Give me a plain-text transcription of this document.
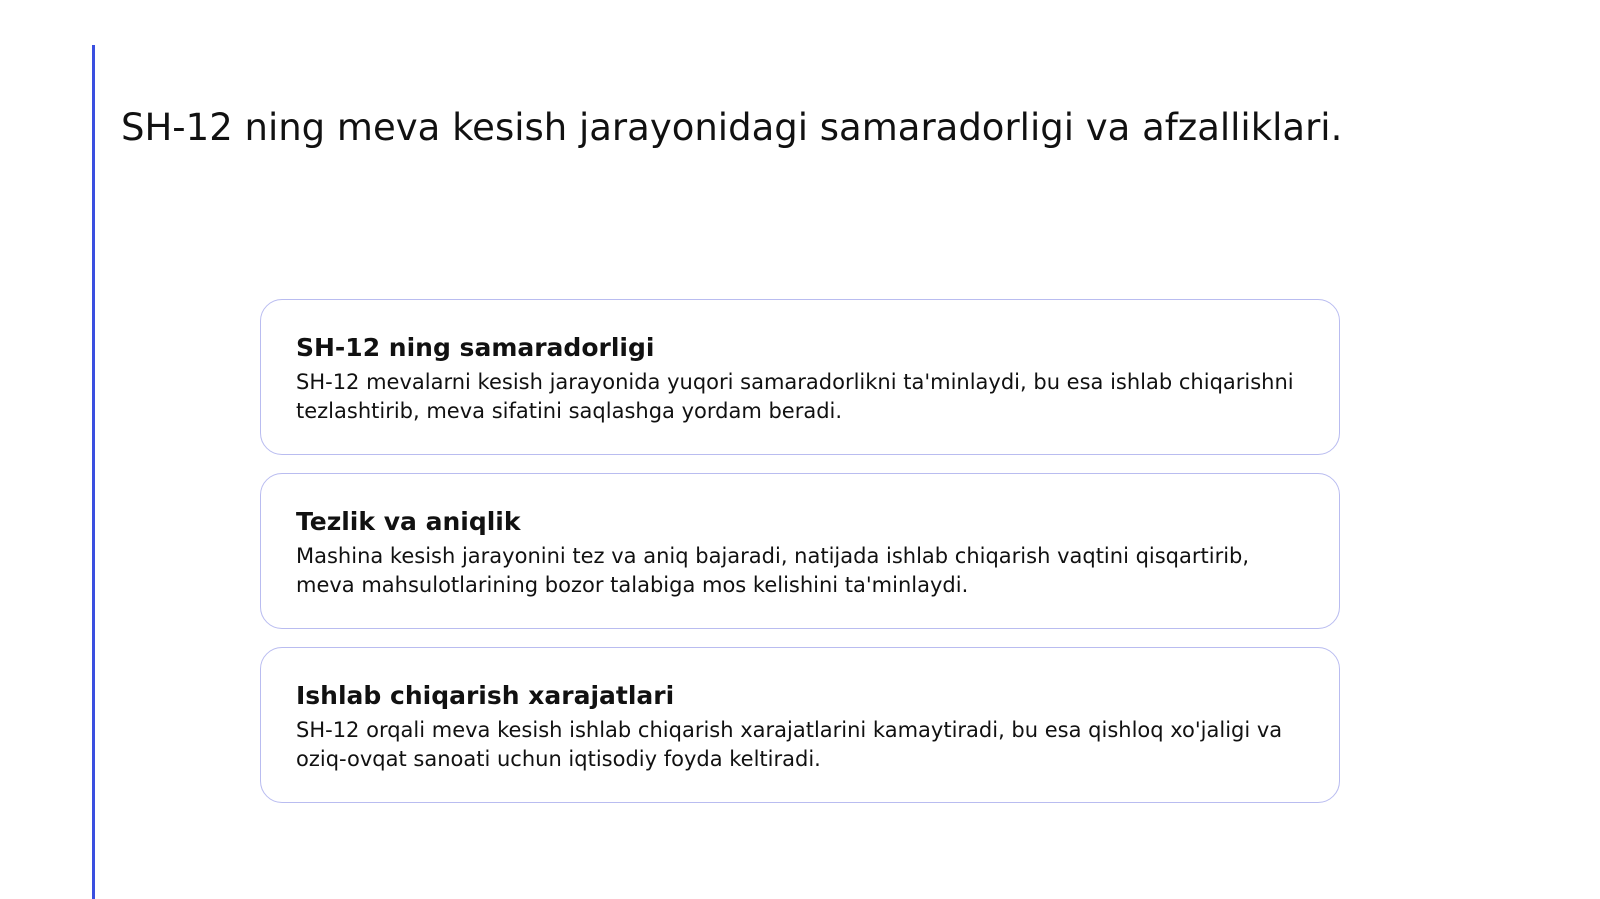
SH-12 ning meva kesish jarayonidagi samaradorligi va afzalliklari.
SH-12 ning samaradorligi

SH-12 mevalarni kesish jarayonida yuqori samaradorlikni ta'minlaydi, bu esa ishlab chiqarishni tezlashtirib, meva sifatini saqlashga yordam beradi.

Tezlik va aniqlik

Mashina kesish jarayonini tez va aniq bajaradi, natijada ishlab chiqarish vaqtini qisqartirib, meva mahsulotlarining bozor talabiga mos kelishini ta'minlaydi.

Ishlab chiqarish xarajatlari

SH-12 orqali meva kesish ishlab chiqarish xarajatlarini kamaytiradi, bu esa qishloq xo'jaligi va oziq-ovqat sanoati uchun iqtisodiy foyda keltiradi.
